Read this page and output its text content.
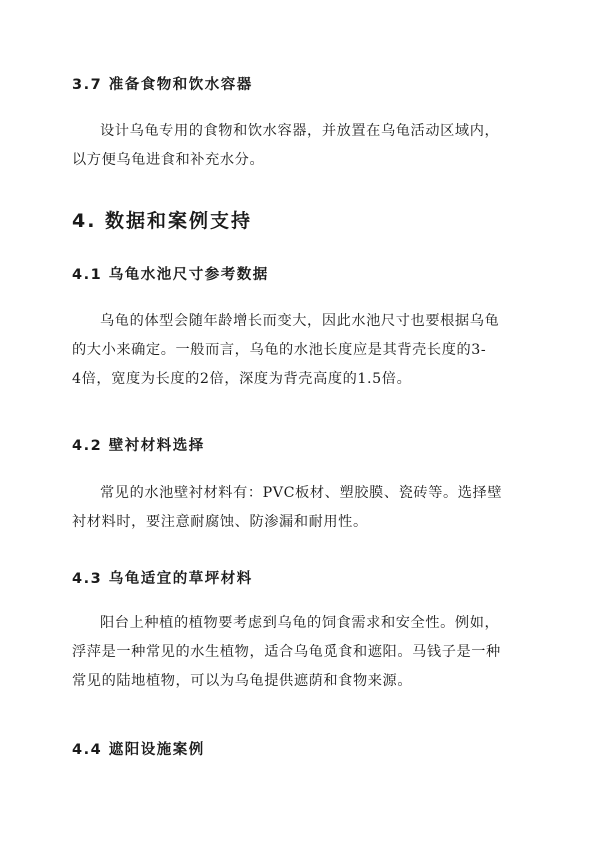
3.7 准备食物和饮水容器
设计乌龟专用的食物和饮水容器，并放置在乌龟活动区域内，
以方便乌龟进食和补充水分。
4. 数据和案例支持
4.1 乌龟水池尺寸参考数据
乌龟的体型会随年龄增长而变大，因此水池尺寸也要根据乌龟
的大小来确定。一般而言，乌龟的水池长度应是其背壳长度的3-
4倍，宽度为长度的2倍，深度为背壳高度的1.5倍。
4.2 壁衬材料选择
常见的水池壁衬材料有：PVC板材、塑胶膜、瓷砖等。选择壁
衬材料时，要注意耐腐蚀、防渗漏和耐用性。
4.3 乌龟适宜的草坪材料
阳台上种植的植物要考虑到乌龟的饲食需求和安全性。例如，
浮萍是一种常见的水生植物，适合乌龟觅食和遮阳。马钱子是一种
常见的陆地植物，可以为乌龟提供遮荫和食物来源。
4.4 遮阳设施案例
